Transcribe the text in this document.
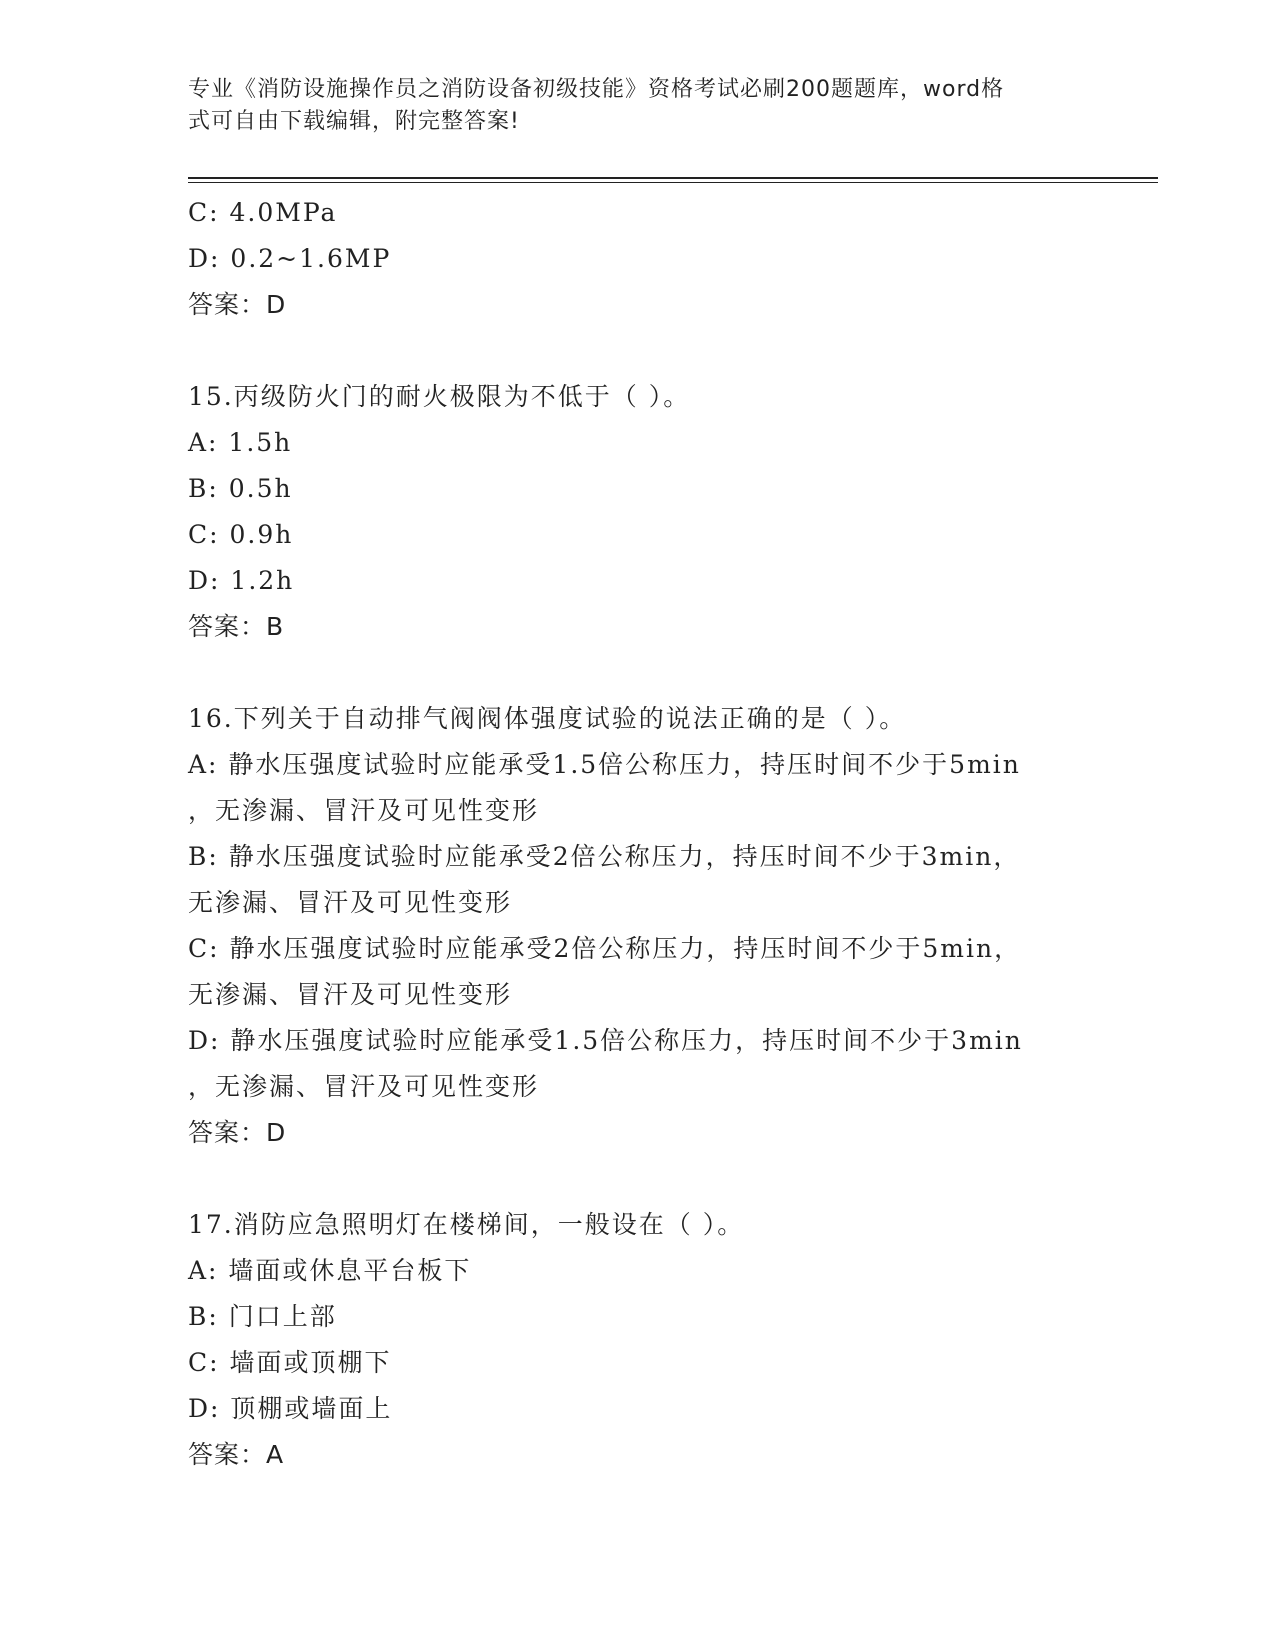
专业《消防设施操作员之消防设备初级技能》资格考试必刷200题题库，word格
式可自由下载编辑，附完整答案!
C: 4.0MPa
D: 0.2~1.6MP
答案：D
15.丙级防火门的耐火极限为不低于（ ）。
A: 1.5h
B: 0.5h
C: 0.9h
D: 1.2h
答案：B
16.下列关于自动排气阀阀体强度试验的说法正确的是（ ）。
A: 静水压强度试验时应能承受1.5倍公称压力，持压时间不少于5min
，无渗漏、冒汗及可见性变形
B: 静水压强度试验时应能承受2倍公称压力，持压时间不少于3min，
无渗漏、冒汗及可见性变形
C: 静水压强度试验时应能承受2倍公称压力，持压时间不少于5min，
无渗漏、冒汗及可见性变形
D: 静水压强度试验时应能承受1.5倍公称压力，持压时间不少于3min
，无渗漏、冒汗及可见性变形
答案：D
17.消防应急照明灯在楼梯间，一般设在（ ）。
A: 墙面或休息平台板下
B: 门口上部
C: 墙面或顶棚下
D: 顶棚或墙面上
答案：A
